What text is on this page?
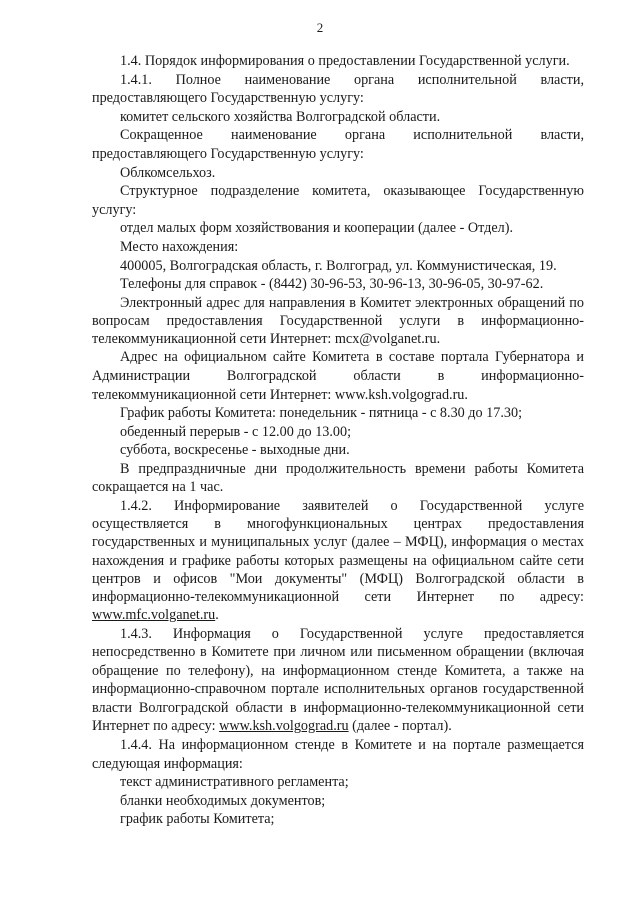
2

1.4. Порядок информирования о предоставлении Государственной услуги.

1.4.1. Полное наименование органа исполнительной власти, предоставляющего Государственную услугу:

комитет сельского хозяйства Волгоградской области.

Сокращенное наименование органа исполнительной власти, предоставляющего Государственную услугу:

Облкомсельхоз.

Структурное подразделение комитета, оказывающее Государственную услугу:

отдел малых форм хозяйствования и кооперации (далее - Отдел).

Место нахождения:

400005, Волгоградская область, г. Волгоград, ул. Коммунистическая, 19.

Телефоны для справок - (8442) 30-96-53, 30-96-13, 30-96-05, 30-97-62.

Электронный адрес для направления в Комитет электронных обращений по вопросам предоставления Государственной услуги в информационно-телекоммуникационной сети Интернет: mcx@volganet.ru.

Адрес на официальном сайте Комитета в составе портала Губернатора и Администрации Волгоградской области в информационно-телекоммуникационной сети Интернет: www.ksh.volgograd.ru.

График работы Комитета: понедельник - пятница - с 8.30 до 17.30;

обеденный перерыв - с 12.00 до 13.00;

суббота, воскресенье - выходные дни.

В предпраздничные дни продолжительность времени работы Комитета сокращается на 1 час.

1.4.2. Информирование заявителей о Государственной услуге осуществляется в многофункциональных центрах предоставления государственных и муниципальных услуг (далее – МФЦ), информация о местах нахождения и графике работы которых размещены на официальном сайте сети центров и офисов "Мои документы" (МФЦ) Волгоградской области в информационно-телекоммуникационной сети Интернет по адресу: www.mfc.volganet.ru.

1.4.3. Информация о Государственной услуге предоставляется непосредственно в Комитете при личном или письменном обращении (включая обращение по телефону), на информационном стенде Комитета, а также на информационно-справочном портале исполнительных органов государственной власти Волгоградской области в информационно-телекоммуникационной сети Интернет по адресу: www.ksh.volgograd.ru (далее - портал).

1.4.4. На информационном стенде в Комитете и на портале размещается следующая информация:

текст административного регламента;

бланки необходимых документов;

график работы Комитета;
